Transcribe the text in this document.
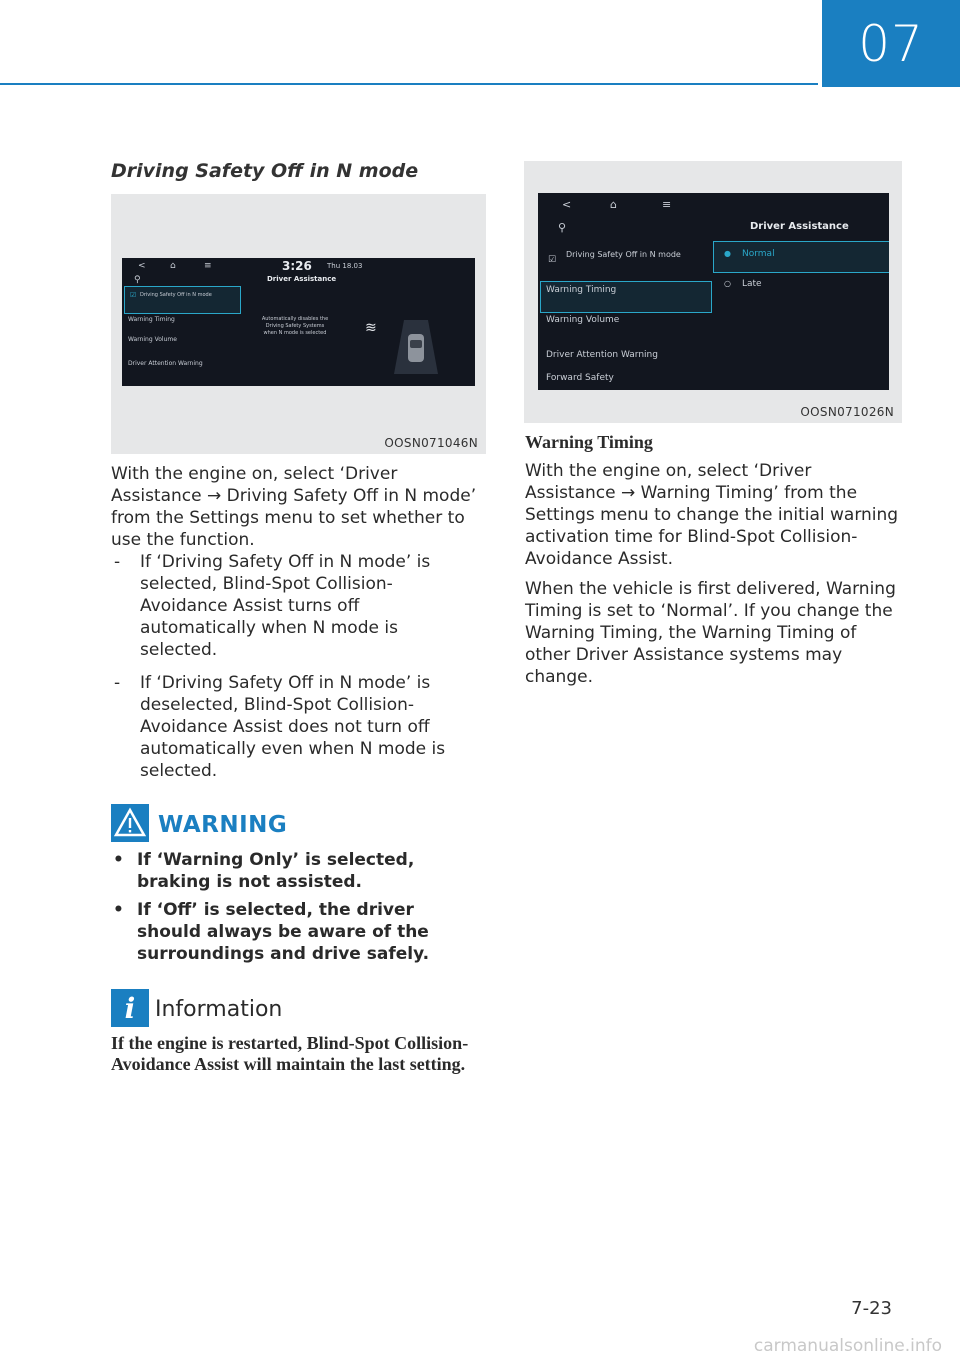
07
Driving Safety Off in N mode
<	⌂	≡	3:26 Thu 18.03
⚲	Driver Assistance
☑ Driving Safety Off in N mode
Warning Timing
Warning Volume
Driver Attention Warning
Automatically disables the Driving Safety Systems when N mode is selected	≋
OOSN071046N

With the engine on, select ‘Driver Assistance → Driving Safety Off in N mode’ from the Settings menu to set whether to use the function.

- If ‘Driving Safety Off in N mode’ is selected, Blind-Spot Collision-Avoidance Assist turns off automatically when N mode is selected.
- If ‘Driving Safety Off in N mode’ is deselected, Blind-Spot Collision-Avoidance Assist does not turn off automatically even when N mode is selected.
WARNING
• If ‘Warning Only’ is selected, braking is not assisted.
• If ‘Off’ is selected, the driver should always be aware of the surroundings and drive safely.
i Information
If the engine is restarted, Blind-Spot Collision-Avoidance Assist will maintain the last setting.
<	⌂	≡
⚲	Driver Assistance
☑
Driving Safety Off in N mode
Warning Timing
Warning Volume
Driver Attention Warning
Forward Safety
● Normal
○ Late
OOSN071026N
Warning Timing

With the engine on, select ‘Driver Assistance → Warning Timing’ from the Settings menu to change the initial warning activation time for Blind-Spot Collision-Avoidance Assist.

When the vehicle is first delivered, Warning Timing is set to ‘Normal’. If you change the Warning Timing, the Warning Timing of other Driver Assistance systems may change.

7-23
carmanualsonline.info
